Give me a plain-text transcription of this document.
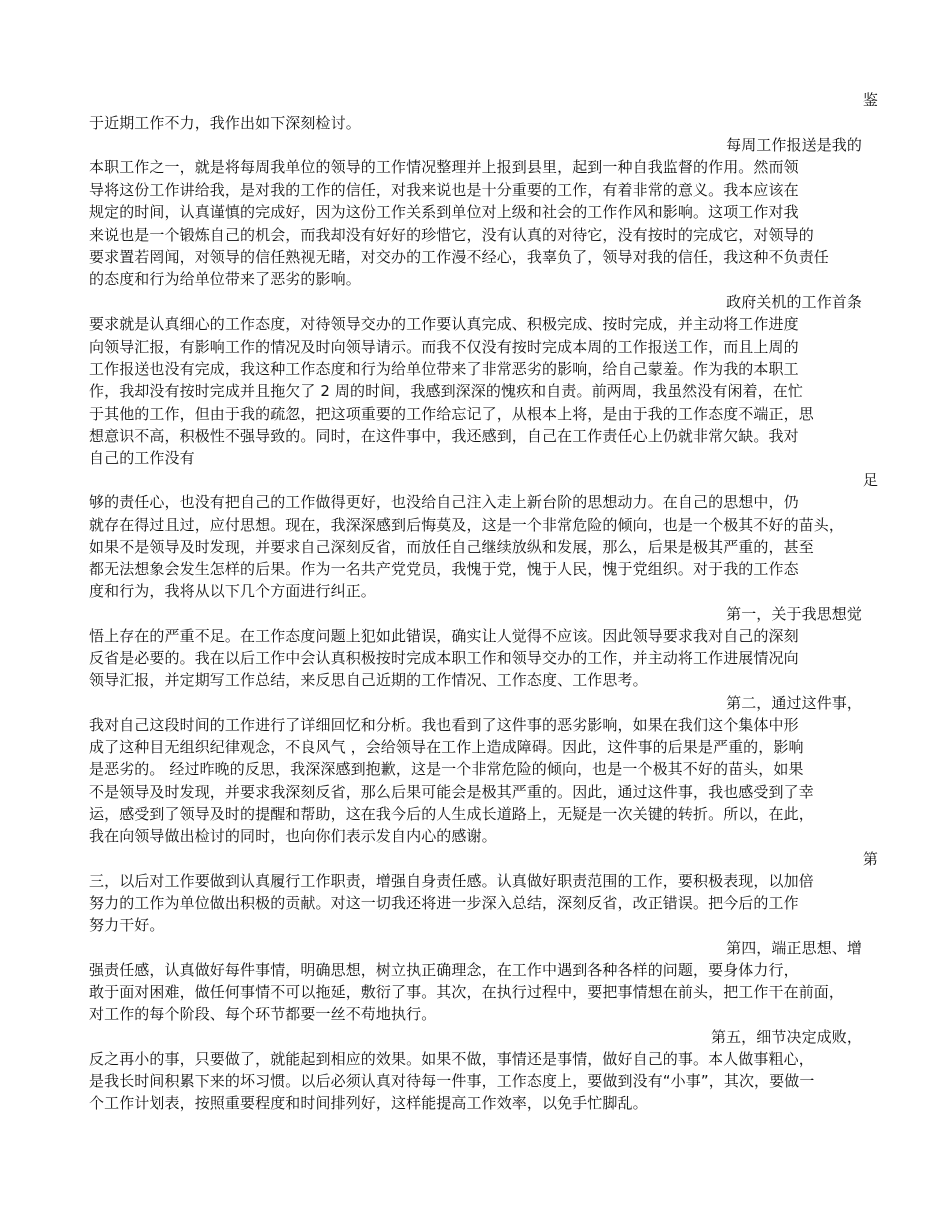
鉴
于近期工作不力，我作出如下深刻检讨。
每周工作报送是我的
本职工作之一，就是将每周我单位的领导的工作情况整理并上报到县里，起到一种自我监督的作用。然而领
导将这份工作讲给我，是对我的工作的信任，对我来说也是十分重要的工作，有着非常的意义。我本应该在
规定的时间，认真谨慎的完成好，因为这份工作关系到单位对上级和社会的工作作风和影响。这项工作对我
来说也是一个锻炼自己的机会，而我却没有好好的珍惜它，没有认真的对待它，没有按时的完成它，对领导的
要求置若罔闻，对领导的信任熟视无睹，对交办的工作漫不经心，我辜负了，领导对我的信任，我这种不负责任
的态度和行为给单位带来了恶劣的影响。
政府关机的工作首条
要求就是认真细心的工作态度，对待领导交办的工作要认真完成、积极完成、按时完成，并主动将工作进度
向领导汇报，有影响工作的情况及时向领导请示。而我不仅没有按时完成本周的工作报送工作，而且上周的
工作报送也没有完成，我这种工作态度和行为给单位带来了非常恶劣的影响，给自己蒙羞。作为我的本职工
作，我却没有按时完成并且拖欠了 2 周的时间，我感到深深的愧疚和自责。前两周，我虽然没有闲着，在忙
于其他的工作，但由于我的疏忽，把这项重要的工作给忘记了，从根本上将，是由于我的工作态度不端正，思
想意识不高，积极性不强导致的。同时，在这件事中，我还感到，自己在工作责任心上仍就非常欠缺。我对
自己的工作没有
足
够的责任心，也没有把自己的工作做得更好，也没给自己注入走上新台阶的思想动力。在自己的思想中，仍
就存在得过且过，应付思想。现在，我深深感到后悔莫及，这是一个非常危险的倾向，也是一个极其不好的苗头，
如果不是领导及时发现，并要求自己深刻反省，而放任自己继续放纵和发展，那么，后果是极其严重的，甚至
都无法想象会发生怎样的后果。作为一名共产党党员，我愧于党，愧于人民，愧于党组织。对于我的工作态
度和行为，我将从以下几个方面进行纠正。
第一，关于我思想觉
悟上存在的严重不足。在工作态度问题上犯如此错误，确实让人觉得不应该。因此领导要求我对自己的深刻
反省是必要的。我在以后工作中会认真积极按时完成本职工作和领导交办的工作，并主动将工作进展情况向
领导汇报，并定期写工作总结，来反思自己近期的工作情况、工作态度、工作思考。
第二，通过这件事，
我对自己这段时间的工作进行了详细回忆和分析。我也看到了这件事的恶劣影响，如果在我们这个集体中形
成了这种目无组织纪律观念，不良风气 ，会给领导在工作上造成障碍。因此，这件事的后果是严重的，影响
是恶劣的。 经过昨晚的反思，我深深感到抱歉，这是一个非常危险的倾向，也是一个极其不好的苗头，如果
不是领导及时发现，并要求我深刻反省，那么后果可能会是极其严重的。因此，通过这件事，我也感受到了幸
运，感受到了领导及时的提醒和帮助，这在我今后的人生成长道路上，无疑是一次关键的转折。所以，在此，
我在向领导做出检讨的同时，也向你们表示发自内心的感谢。
第
三，以后对工作要做到认真履行工作职责，增强自身责任感。认真做好职责范围的工作，要积极表现，以加倍
努力的工作为单位做出积极的贡献。对这一切我还将进一步深入总结，深刻反省，改正错误。把今后的工作
努力干好。
第四，端正思想、增
强责任感，认真做好每件事情，明确思想，树立执正确理念，在工作中遇到各种各样的问题，要身体力行，
敢于面对困难，做任何事情不可以拖延，敷衍了事。其次，在执行过程中，要把事情想在前头，把工作干在前面，
对工作的每个阶段、每个环节都要一丝不苟地执行。
第五，细节决定成败，
反之再小的事，只要做了，就能起到相应的效果。如果不做，事情还是事情，做好自己的事。本人做事粗心，
是我长时间积累下来的坏习惯。以后必须认真对待每一件事，工作态度上，要做到没有“小事”，其次，要做一
个工作计划表，按照重要程度和时间排列好，这样能提高工作效率，以免手忙脚乱。
